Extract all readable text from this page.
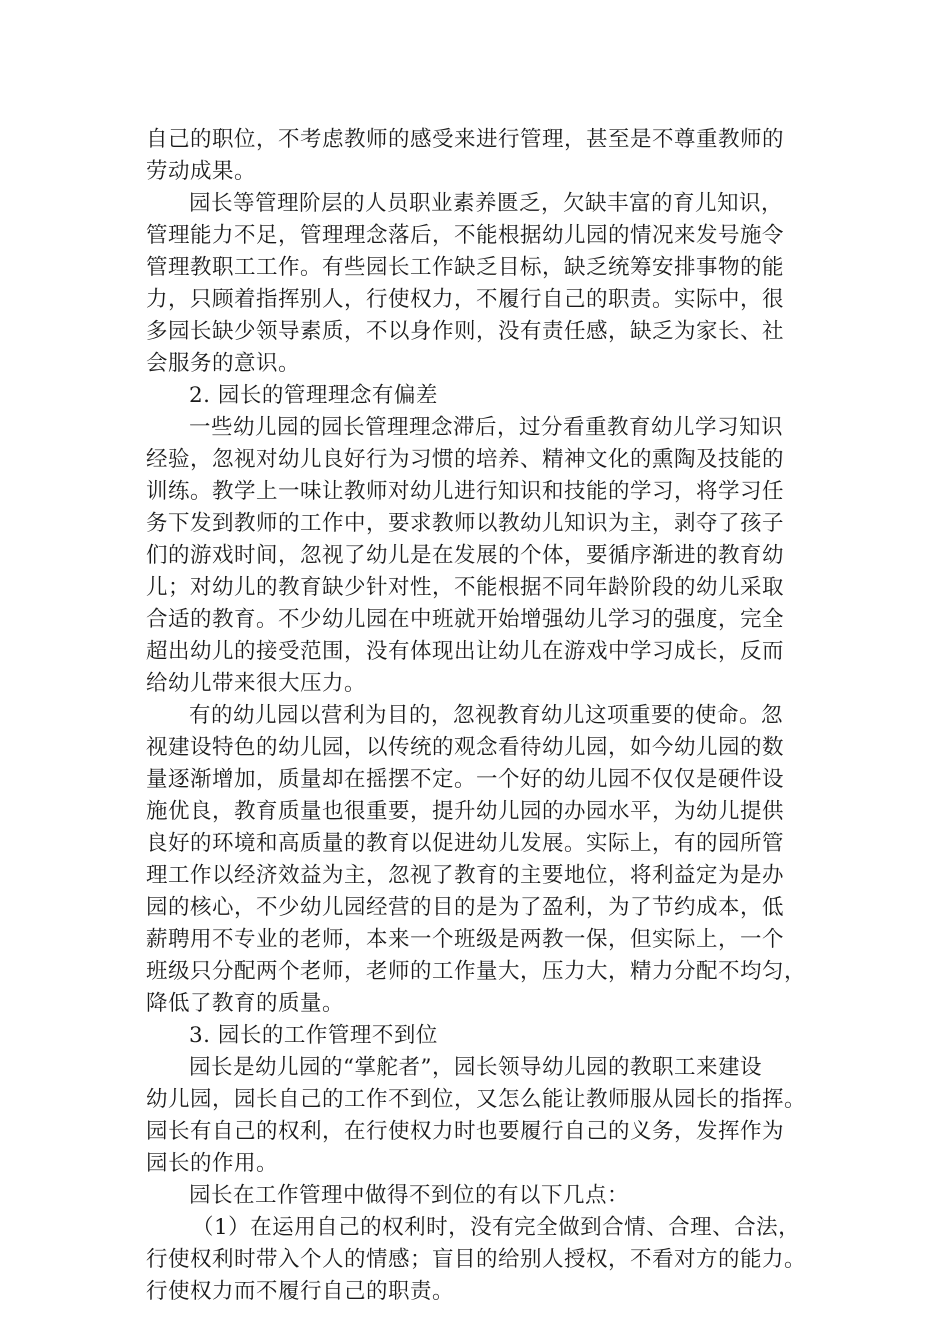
自己的职位，不考虑教师的感受来进行管理，甚至是不尊重教师的
劳动成果。
园长等管理阶层的人员职业素养匮乏，欠缺丰富的育儿知识，
管理能力不足，管理理念落后，不能根据幼儿园的情况来发号施令
管理教职工工作。有些园长工作缺乏目标，缺乏统筹安排事物的能
力，只顾着指挥别人，行使权力，不履行自己的职责。实际中，很
多园长缺少领导素质，不以身作则，没有责任感，缺乏为家长、社
会服务的意识。
2. 园长的管理理念有偏差
一些幼儿园的园长管理理念滞后，过分看重教育幼儿学习知识
经验，忽视对幼儿良好行为习惯的培养、精神文化的熏陶及技能的
训练。教学上一味让教师对幼儿进行知识和技能的学习，将学习任
务下发到教师的工作中，要求教师以教幼儿知识为主，剥夺了孩子
们的游戏时间，忽视了幼儿是在发展的个体，要循序渐进的教育幼
儿；对幼儿的教育缺少针对性，不能根据不同年龄阶段的幼儿采取
合适的教育。不少幼儿园在中班就开始增强幼儿学习的强度，完全
超出幼儿的接受范围，没有体现出让幼儿在游戏中学习成长，反而
给幼儿带来很大压力。
有的幼儿园以营利为目的，忽视教育幼儿这项重要的使命。忽
视建设特色的幼儿园，以传统的观念看待幼儿园，如今幼儿园的数
量逐渐增加，质量却在摇摆不定。一个好的幼儿园不仅仅是硬件设
施优良，教育质量也很重要，提升幼儿园的办园水平，为幼儿提供
良好的环境和高质量的教育以促进幼儿发展。实际上，有的园所管
理工作以经济效益为主，忽视了教育的主要地位，将利益定为是办
园的核心，不少幼儿园经营的目的是为了盈利，为了节约成本，低
薪聘用不专业的老师，本来一个班级是两教一保，但实际上，一个
班级只分配两个老师，老师的工作量大，压力大，精力分配不均匀，
降低了教育的质量。
3. 园长的工作管理不到位
园长是幼儿园的“掌舵者”，园长领导幼儿园的教职工来建设
幼儿园，园长自己的工作不到位，又怎么能让教师服从园长的指挥。
园长有自己的权利，在行使权力时也要履行自己的义务，发挥作为
园长的作用。
园长在工作管理中做得不到位的有以下几点：
（1）在运用自己的权利时，没有完全做到合情、合理、合法，
行使权利时带入个人的情感；盲目的给别人授权，不看对方的能力。
行使权力而不履行自己的职责。
